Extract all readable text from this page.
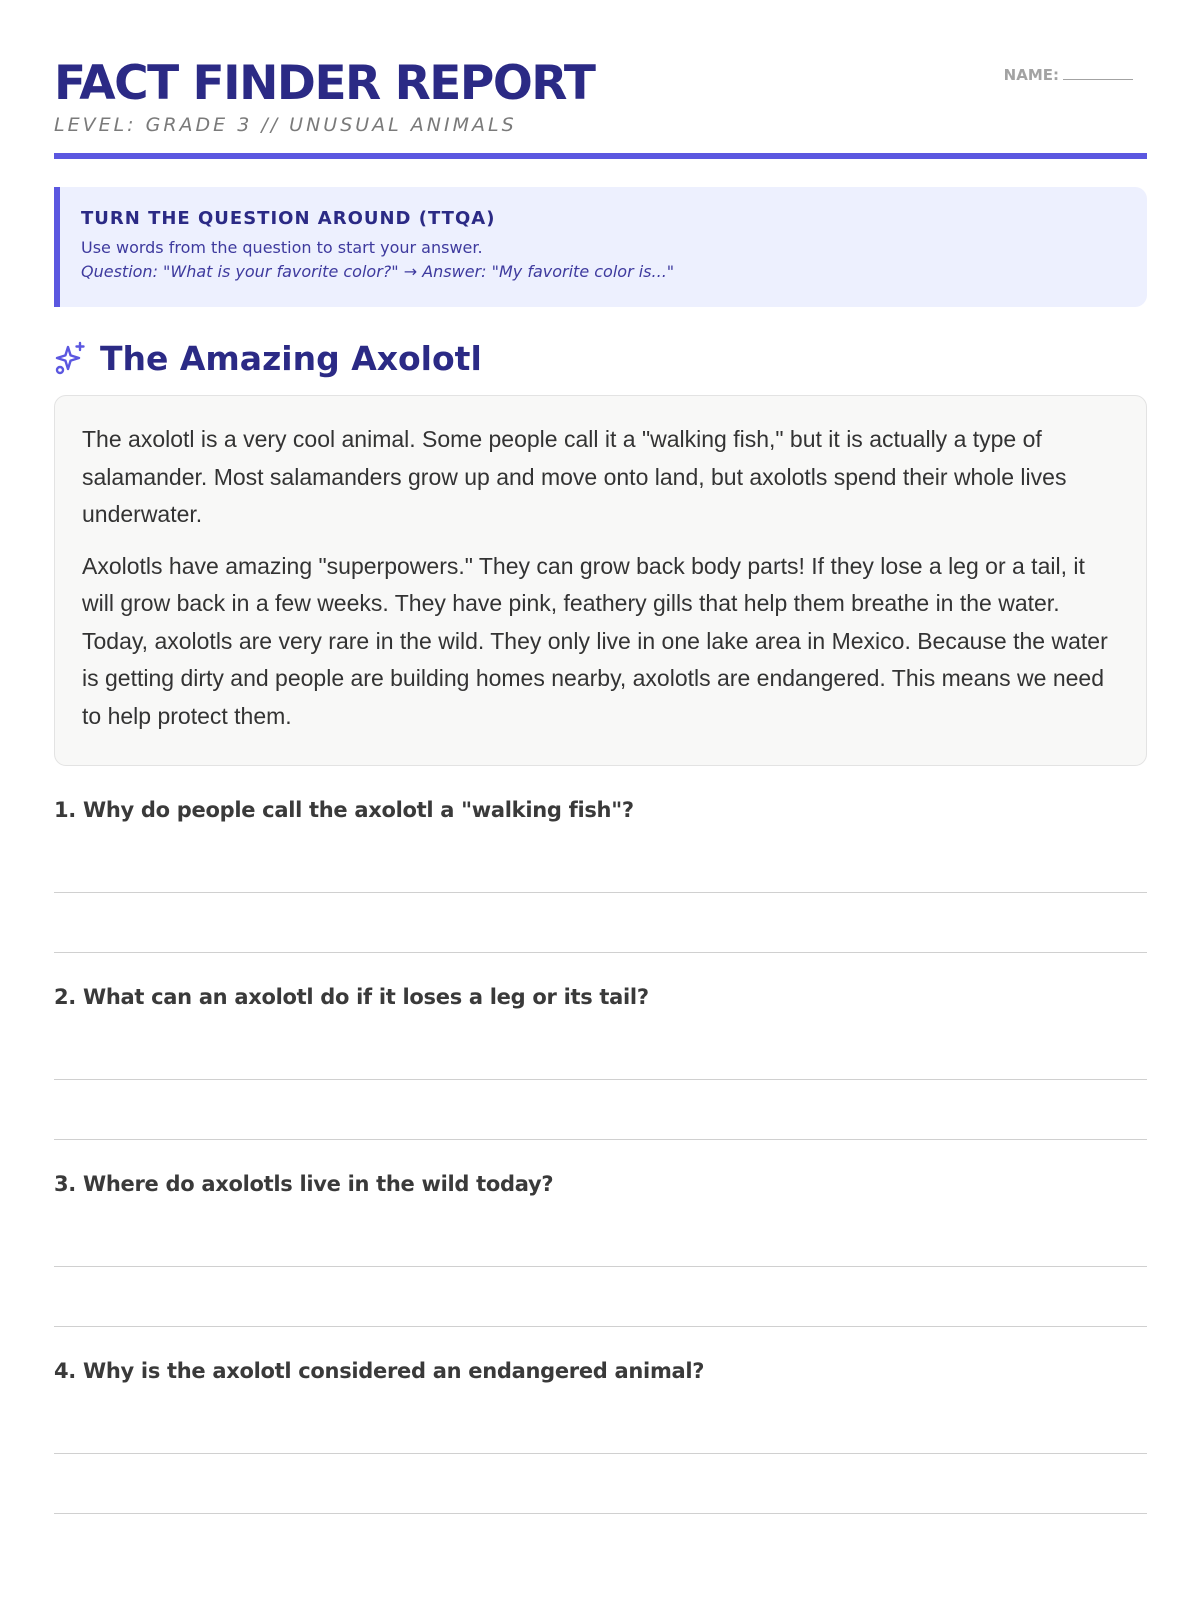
FACT FINDER REPORT
LEVEL: GRADE 3 // UNUSUAL ANIMALS
NAME:
TURN THE QUESTION AROUND (TTQA)
Use words from the question to start your answer.
Question: "What is your favorite color?" → Answer: "My favorite color is..."
The Amazing Axolotl

The axolotl is a very cool animal. Some people call it a "walking fish," but it is actually a type of salamander. Most salamanders grow up and move onto land, but axolotls spend their whole lives underwater.

Axolotls have amazing "superpowers." They can grow back body parts! If they lose a leg or a tail, it will grow back in a few weeks. They have pink, feathery gills that help them breathe in the water. Today, axolotls are very rare in the wild. They only live in one lake area in Mexico. Because the water is getting dirty and people are building homes nearby, axolotls are endangered. This means we need to help protect them.

1. Why do people call the axolotl a "walking fish"?
2. What can an axolotl do if it loses a leg or its tail?
3. Where do axolotls live in the wild today?
4. Why is the axolotl considered an endangered animal?
